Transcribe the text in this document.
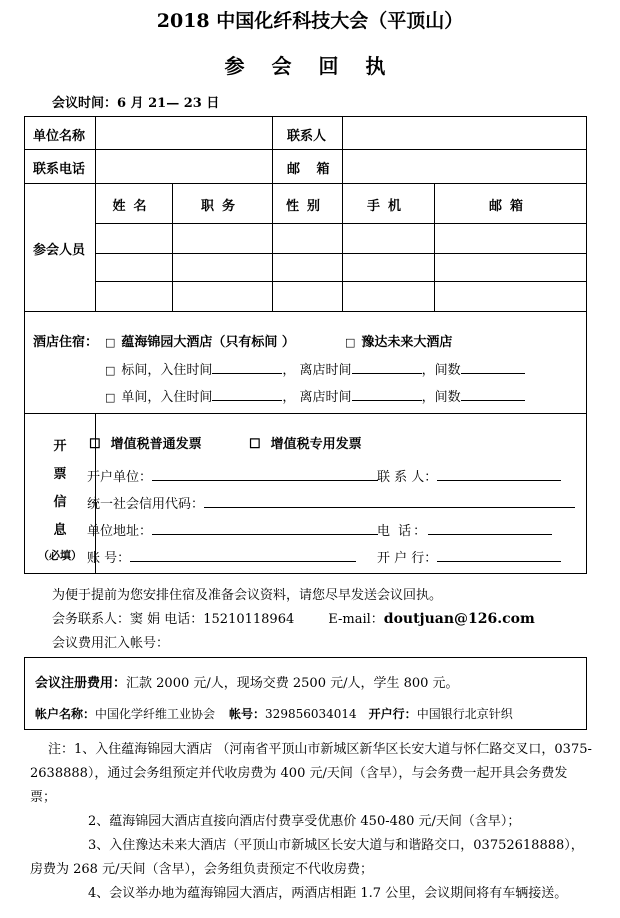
2018 中国化纤科技大会（平顶山）
参 会 回 执
会议时间：6 月 21— 23 日
单位名称	联系人
联系电话	邮 箱
姓名	职务	性别	手机	邮箱
参会人员
酒店住宿： □ 蕴海锦园大酒店（只有标间 ）	□ 豫达未来大酒店
□ 标间，入住时间	， 离店时间	，间数
□ 单间，入住时间	， 离店时间	，间数
开
票
信
息
（必填）
☐ 增值税普通发票	☐ 增值税专用发票
开户单位：	联 系 人：
统一社会信用代码：
单位地址：	电 话：
账 号：	开 户 行：
为便于提前为您安排住宿及准备会议资料，请您尽早发送会议回执。
会务联系人：窦 娟 电话：15210118964	E-mail：doutjuan@126.com
会议费用汇入帐号：
会议注册费用：汇款 2000 元/人，现场交费 2500 元/人，学生 800 元。
帐户名称：中国化学纤维工业协会 帐号：329856034014 开户行：中国银行北京针织

注：1、入住蕴海锦园大酒店 （河南省平顶山市新城区新华区长安大道与怀仁路交叉口，0375-2638888），通过会务组预定并代收房费为 400 元/天间（含早），与会务费一起开具会务费发票；

2、蕴海锦园大酒店直接向酒店付费享受优惠价 450-480 元/天间（含早）；

3、入住豫达未来大酒店（平顶山市新城区长安大道与和谐路交口，03752618888），房费为 268 元/天间（含早），会务组负责预定不代收房费；

4、会议举办地为蕴海锦园大酒店，两酒店相距 1.7 公里，会议期间将有车辆接送。
